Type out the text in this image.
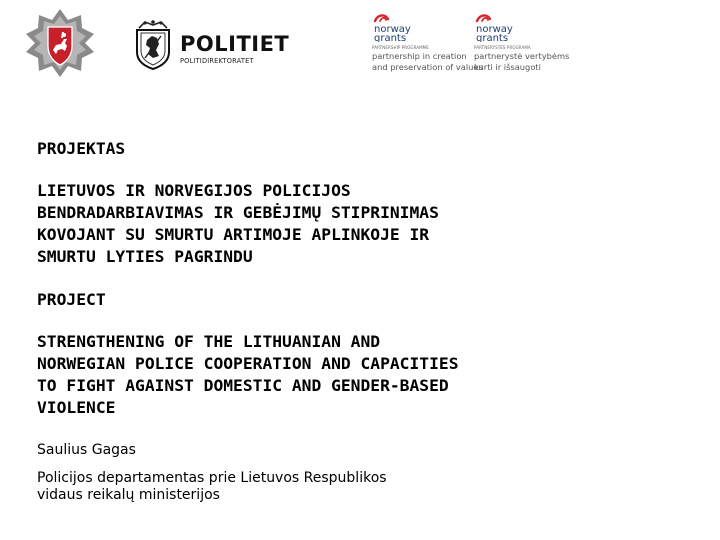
POLITIET
POLITIDIREKTORATET
norway
grants
PARTNERSHIP PROGRAMME
partnership in creation
and preservation of values
norway
grants
PARTNERYSTĖS PROGRAMA
partnerystė vertybėms
kurti ir išsaugoti
PROJEKTAS
LIETUVOS IR NORVEGIJOS POLICIJOS
BENDRADARBIAVIMAS IR GEBĖJIMŲ STIPRINIMAS
KOVOJANT SU SMURTU ARTIMOJE APLINKOJE IR
SMURTU LYTIES PAGRINDU
PROJECT
STRENGTHENING OF THE LITHUANIAN AND
NORWEGIAN POLICE COOPERATION AND CAPACITIES
TO FIGHT AGAINST DOMESTIC AND GENDER-BASED
VIOLENCE
Saulius Gagas
Policijos departamentas prie Lietuvos Respublikos
vidaus reikalų ministerijos
